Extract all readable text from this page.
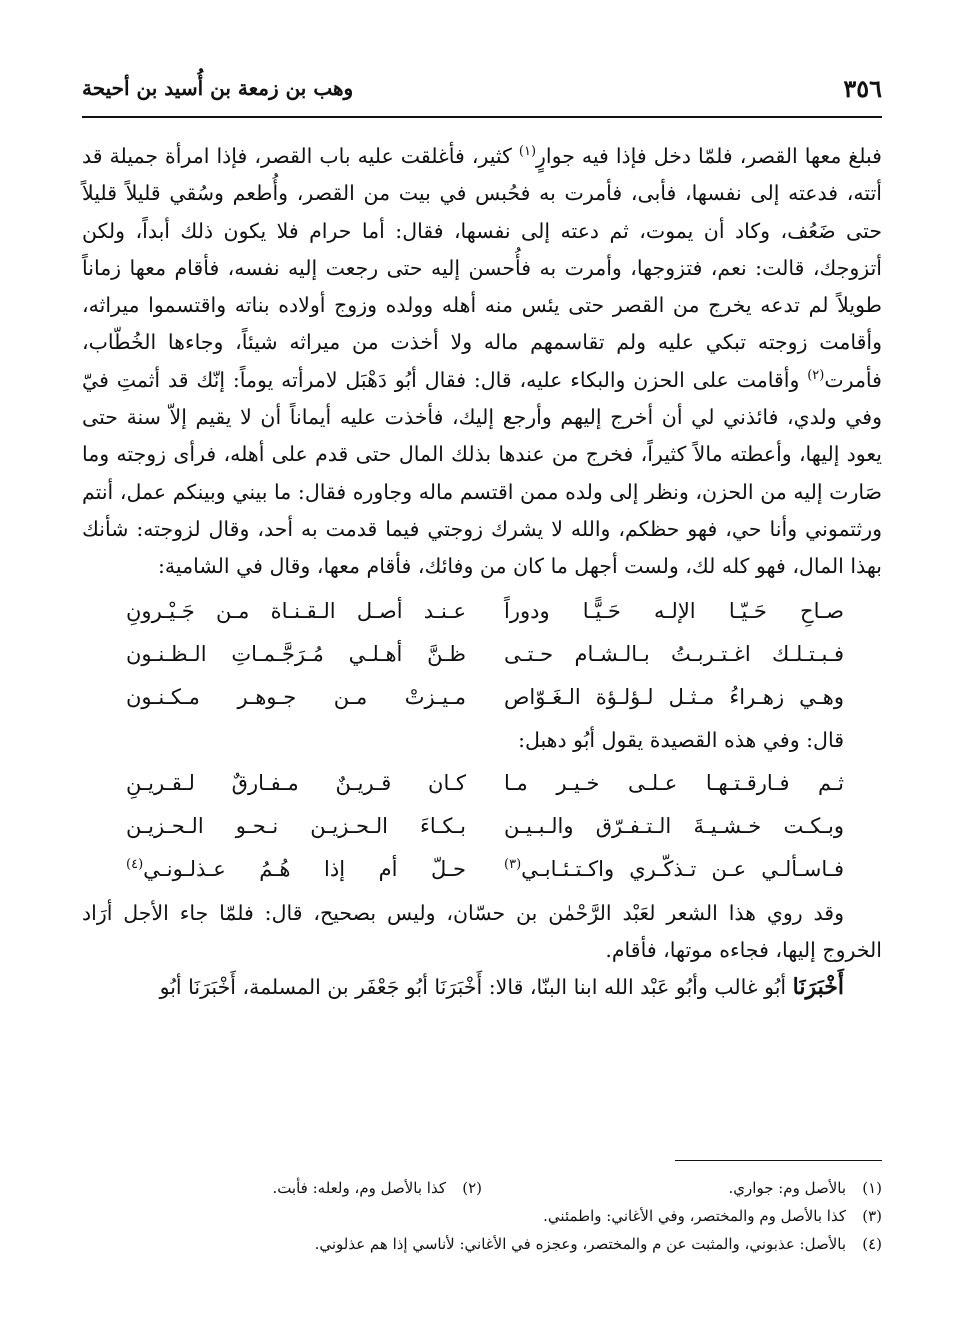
٣٥٦
وهب بن زمعة بن أُسيد بن أحيحة

فبلغ معها القصر، فلمّا دخل فإذا فيه جوارٍ$^{(١)}$ كثير، فأغلقت عليه باب القصر، فإذا امرأة جميلة قد أتته، فدعته إلى نفسها، فأبى، فأمرت به فحُبس في بيت من القصر، وأُطعم وسُقي قليلاً قليلاً حتى ضَعُف، وكاد أن يموت، ثم دعته إلى نفسها، فقال: أما حرام فلا يكون ذلك أبداً، ولكن أتزوجك، قالت: نعم، فتزوجها، وأمرت به فأُحسن إليه حتى رجعت إليه نفسه، فأقام معها زماناً طويلاً لم تدعه يخرج من القصر حتى يئس منه أهله وولده وزوج أولاده بناته واقتسموا ميراثه، وأقامت زوجته تبكي عليه ولم تقاسمهم ماله ولا أخذت من ميراثه شيئاً، وجاءها الخُطّاب، فأمرت$^{(٢)}$ وأقامت على الحزن والبكاء عليه، قال: فقال أبُو دَهْبَل لامرأته يوماً: إنّك قد أثمتِ فيّ وفي ولدي، فائذني لي أن أخرج إليهم وأرجع إليك، فأخذت عليه أيماناً أن لا يقيم إلاّ سنة حتى يعود إليها، وأعطته مالاً كثيراً، فخرج من عندها بذلك المال حتى قدم على أهله، فرأى زوجته وما صَارت إليه من الحزن، ونظر إلى ولده ممن اقتسم ماله وجاوره فقال: ما بيني وبينكم عمل، أنتم ورثتموني وأنا حي، فهو حظكم، والله لا يشرك زوجتي فيما قدمت به أحد، وقال لزوجته: شأنك بهذا المال، فهو كله لك، ولست أجهل ما كان من وفائك، فأقام معها، وقال في الشامية:

صـاحِ حَـيّـا الإلـه حَـيًّـا ودوراً
عـنـد أصـل الـقـنـاة مـن جَـيْـرونِ
فـبـتـلـك اغـتـربـتُ بـالـشـام حـتـى
ظـنَّ أهـلـي مُـرَجَّـمـاتِ الـظـنـون
وهـي زهـراءُ مـثـل لـؤلـؤة الـغَـوّاص
مـيـزتْ مـن جـوهـر مـكـنـون
قال: وفي هذه القصيدة يقول أبُو دهبل:
ثـم فـارقـتـهـا عـلـى خـيـر مـا
كـان قـريـنٌ مـفـارقٌ لـقـريـنِ
وبـكـت خـشـيـةَ الـتـفـرّق والـبـيـن
بـكـاءَ الـحـزيـن نـحـو الـحـزيـن
فـاسـألـي عـن تـذكّـري واكـتـئـابـي$^{(٣)}$
حـلّ أم إذا هُـمُ عـذلـونـي$^{(٤)}$

وقد روي هذا الشعر لعَبْد الرَّحْمٰن بن حسّان، وليس بصحيح، قال: فلمّا جاء الأجل أرَاد الخروج إليها، فجاءه موتها، فأقام.

أَخْبَرَنَا أبُو غالب وأبُو عَبْد الله ابنا البنّا، قالا: أَخْبَرَنَا أبُو جَعْفَر بن المسلمة، أَخْبَرَنَا أبُو

(١)بالأصل وم: جواري.
(٢)كذا بالأصل وم، ولعله: فأبت.
(٣)كذا بالأصل وم والمختصر، وفي الأغاني: واطمئني.
(٤)بالأصل: عذبوني، والمثبت عن م والمختصر، وعجزه في الأغاني: لأناسي إذا هم عذلوني.
